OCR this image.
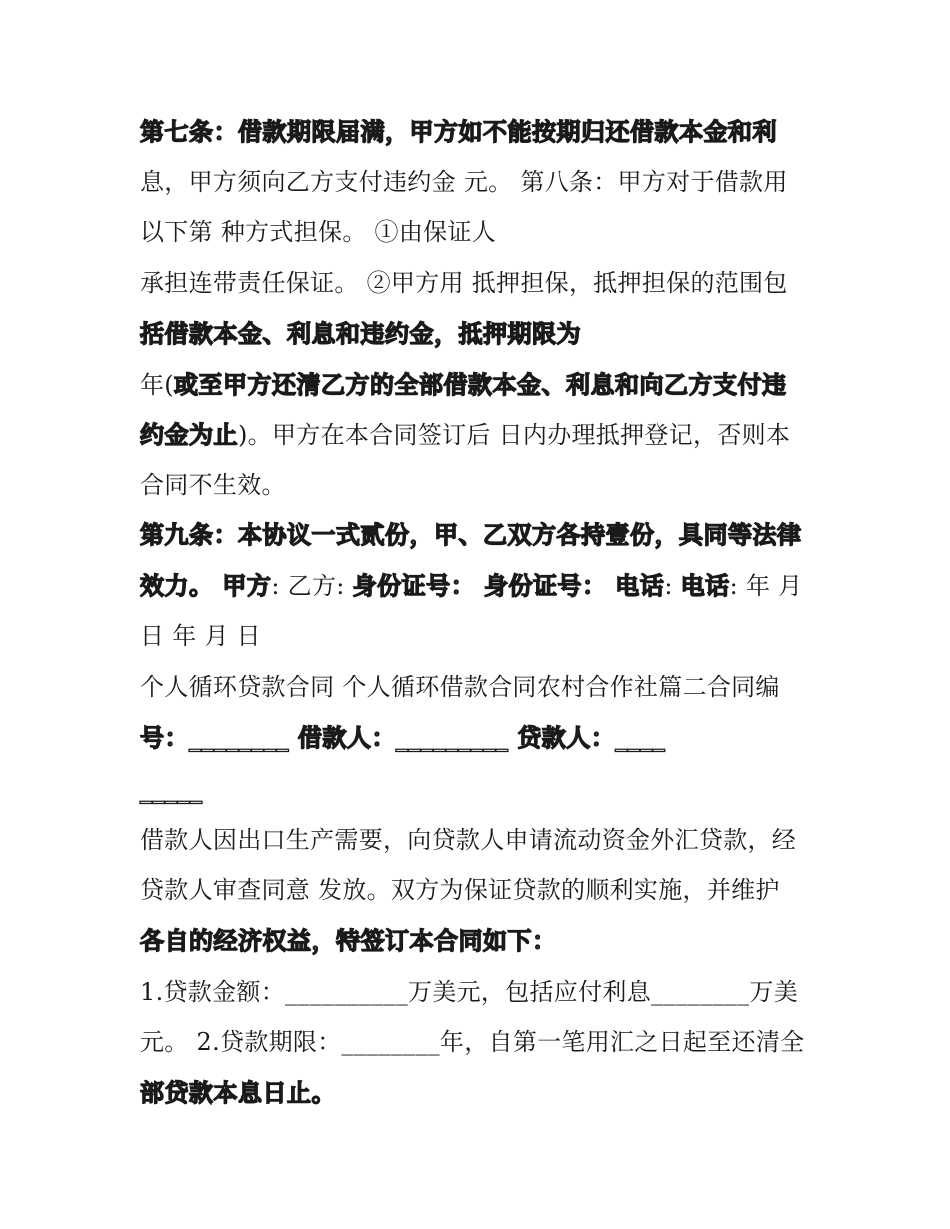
第七条：借款期限届满，甲方如不能按期归还借款本金和利

息，甲方须向乙方支付违约金 元。 第八条：甲方对于借款用

以下第 种方式担保。 ①由保证人

承担连带责任保证。 ②甲方用 抵押担保，抵押担保的范围包

括借款本金、利息和违约金，抵押期限为

年(或至甲方还清乙方的全部借款本金、利息和向乙方支付违

约金为止)。甲方在本合同签订后 日内办理抵押登记，否则本

合同不生效。

第九条：本协议一式贰份，甲、乙双方各持壹份，具同等法律

效力。 甲方: 乙方: 身份证号： 身份证号： 电话: 电话: 年 月

日 年 月 日

个人循环贷款合同 个人循环借款合同农村合作社篇二合同编

号：________ 借款人：_________ 贷款人：____

_____

借款人因出口生产需要，向贷款人申请流动资金外汇贷款，经

贷款人审查同意 发放。双方为保证贷款的顺利实施，并维护

各自的经济权益，特签订本合同如下：

1.贷款金额：__________万美元，包括应付利息________万美

元。 2.贷款期限：________年，自第一笔用汇之日起至还清全

部贷款本息日止。
